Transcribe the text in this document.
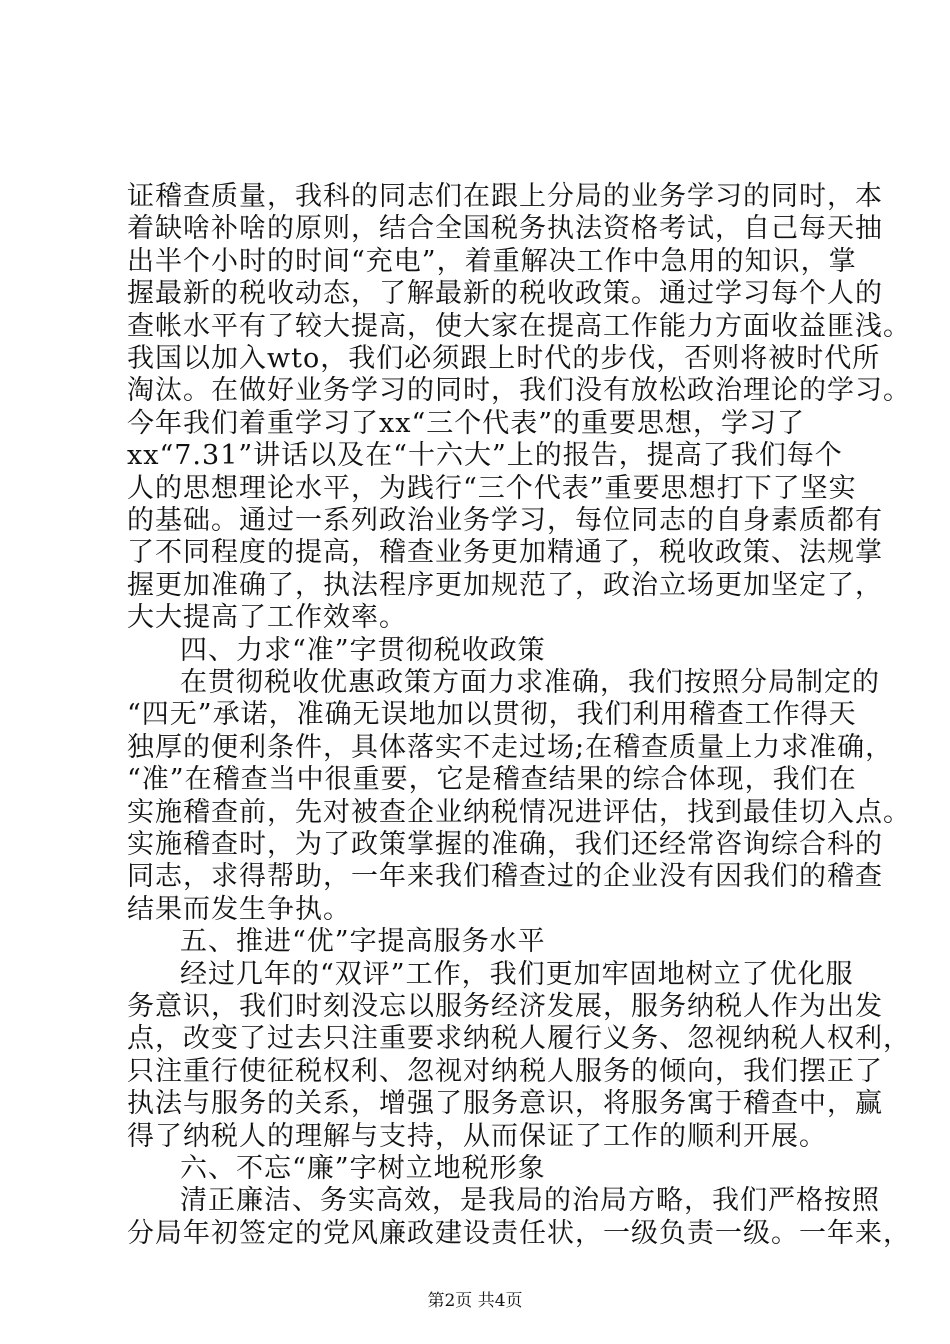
证稽查质量，我科的同志们在跟上分局的业务学习的同时，本
着缺啥补啥的原则，结合全国税务执法资格考试，自己每天抽
出半个小时的时间“充电”，着重解决工作中急用的知识，掌
握最新的税收动态，了解最新的税收政策。通过学习每个人的
查帐水平有了较大提高，使大家在提高工作能力方面收益匪浅。
我国以加入wto，我们必须跟上时代的步伐，否则将被时代所
淘汰。在做好业务学习的同时，我们没有放松政治理论的学习。
今年我们着重学习了xx“三个代表”的重要思想，学习了
xx“7.31”讲话以及在“十六大”上的报告，提高了我们每个
人的思想理论水平，为践行“三个代表”重要思想打下了坚实
的基础。通过一系列政治业务学习，每位同志的自身素质都有
了不同程度的提高，稽查业务更加精通了，税收政策、法规掌
握更加准确了，执法程序更加规范了，政治立场更加坚定了，
大大提高了工作效率。
四、力求“准”字贯彻税收政策
在贯彻税收优惠政策方面力求准确，我们按照分局制定的
“四无”承诺，准确无误地加以贯彻，我们利用稽查工作得天
独厚的便利条件，具体落实不走过场;在稽查质量上力求准确，
“准”在稽查当中很重要，它是稽查结果的综合体现，我们在
实施稽查前，先对被查企业纳税情况进评估，找到最佳切入点。
实施稽查时，为了政策掌握的准确，我们还经常咨询综合科的
同志，求得帮助，一年来我们稽查过的企业没有因我们的稽查
结果而发生争执。
五、推进“优”字提高服务水平
经过几年的“双评”工作，我们更加牢固地树立了优化服
务意识，我们时刻没忘以服务经济发展，服务纳税人作为出发
点，改变了过去只注重要求纳税人履行义务、忽视纳税人权利，
只注重行使征税权利、忽视对纳税人服务的倾向，我们摆正了
执法与服务的关系，增强了服务意识，将服务寓于稽查中，赢
得了纳税人的理解与支持，从而保证了工作的顺利开展。
六、不忘“廉”字树立地税形象
清正廉洁、务实高效，是我局的治局方略，我们严格按照
分局年初签定的党风廉政建设责任状，一级负责一级。一年来，
第2页 共4页
